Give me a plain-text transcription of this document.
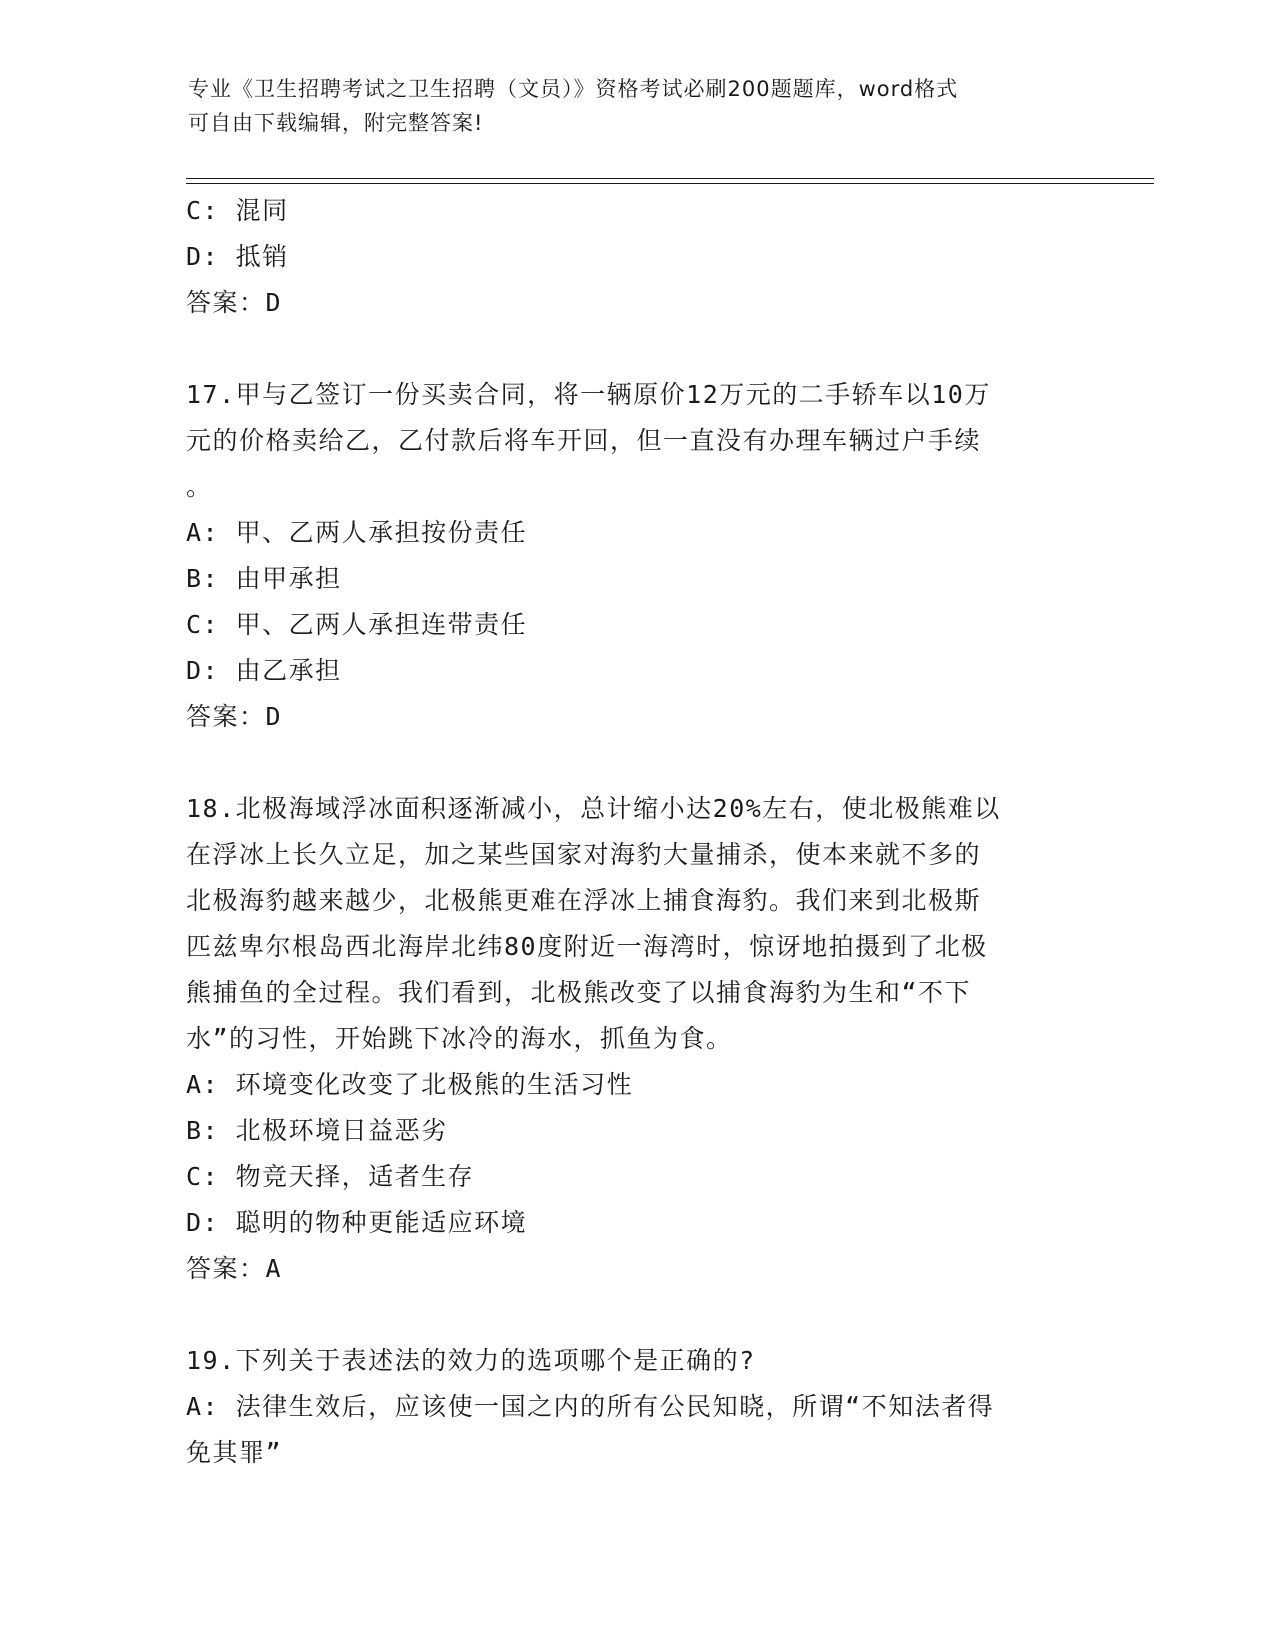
专业《卫生招聘考试之卫生招聘（文员）》资格考试必刷200题题库，word格式
可自由下载编辑，附完整答案!
C: 混同
D: 抵销
答案：D
17.甲与乙签订一份买卖合同，将一辆原价12万元的二手轿车以10万
元的价格卖给乙，乙付款后将车开回，但一直没有办理车辆过户手续
。
A: 甲、乙两人承担按份责任
B: 由甲承担
C: 甲、乙两人承担连带责任
D: 由乙承担
答案：D
18.北极海域浮冰面积逐渐减小，总计缩小达20%左右，使北极熊难以
在浮冰上长久立足，加之某些国家对海豹大量捕杀，使本来就不多的
北极海豹越来越少，北极熊更难在浮冰上捕食海豹。我们来到北极斯
匹兹卑尔根岛西北海岸北纬80度附近一海湾时，惊讶地拍摄到了北极
熊捕鱼的全过程。我们看到，北极熊改变了以捕食海豹为生和“不下
水”的习性，开始跳下冰冷的海水，抓鱼为食。
A: 环境变化改变了北极熊的生活习性
B: 北极环境日益恶劣
C: 物竞天择，适者生存
D: 聪明的物种更能适应环境
答案：A
19.下列关于表述法的效力的选项哪个是正确的?
A: 法律生效后，应该使一国之内的所有公民知晓，所谓“不知法者得
免其罪”
